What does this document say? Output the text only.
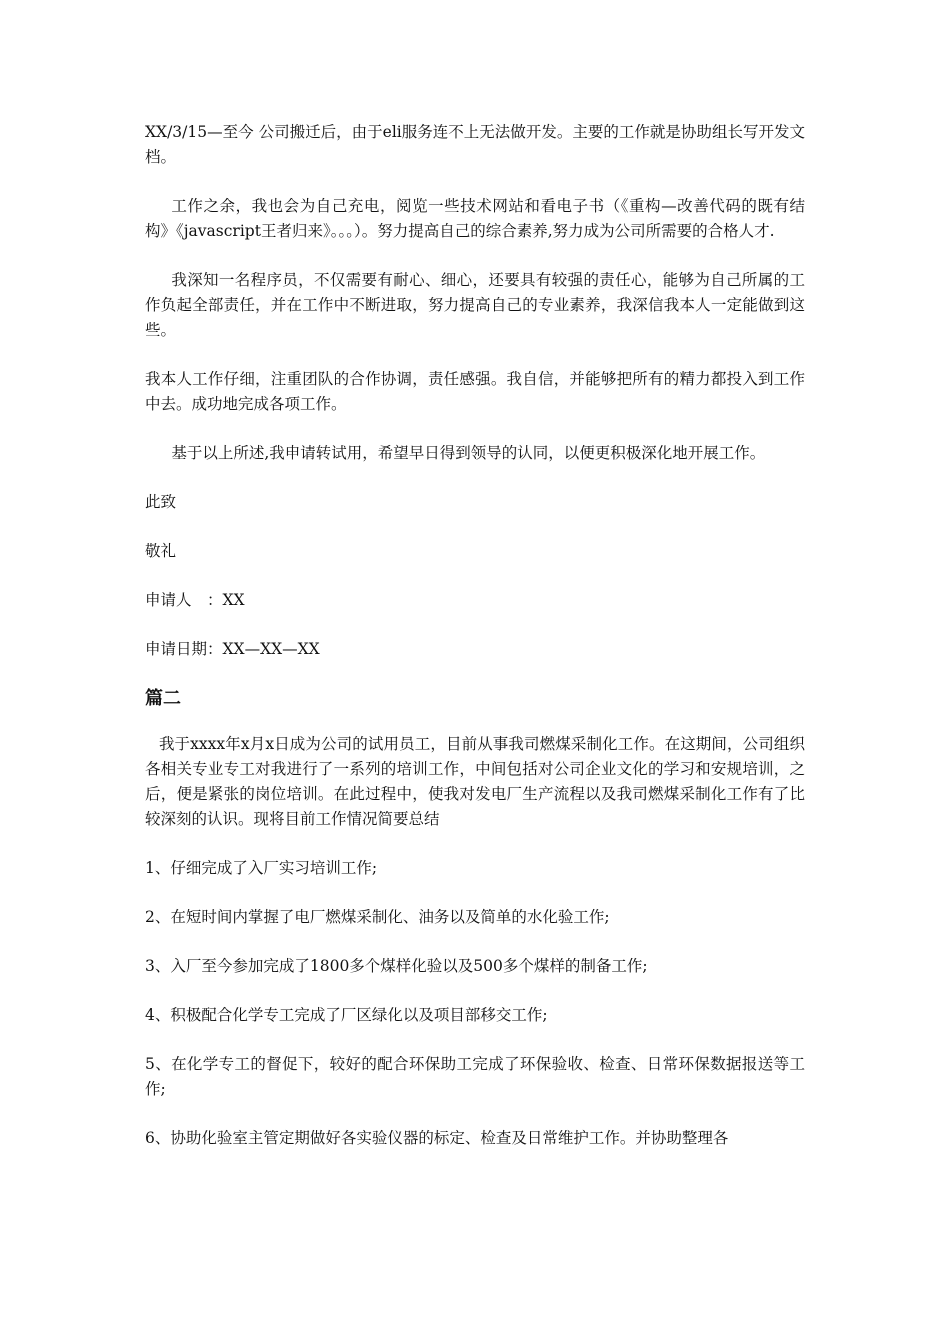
XX/3/15—至今 公司搬迁后，由于eli服务连不上无法做开发。主要的工作就是协助组长写开发文档。

工作之余，我也会为自己充电，阅览一些技术网站和看电子书（《重构—改善代码的既有结构》《javascript王者归来》。。。）。努力提高自己的综合素养,努力成为公司所需要的合格人才.

我深知一名程序员，不仅需要有耐心、细心，还要具有较强的责任心，能够为自己所属的工作负起全部责任，并在工作中不断进取，努力提高自己的专业素养，我深信我本人一定能做到这些。

我本人工作仔细，注重团队的合作协调，责任感强。我自信，并能够把所有的精力都投入到工作中去。成功地完成各项工作。

基于以上所述,我申请转试用，希望早日得到领导的认同，以便更积极深化地开展工作。

此致

敬礼

申请人　：XX

申请日期：XX—XX—XX

篇二

我于xxxx年x月x日成为公司的试用员工，目前从事我司燃煤采制化工作。在这期间，公司组织各相关专业专工对我进行了一系列的培训工作，中间包括对公司企业文化的学习和安规培训，之后，便是紧张的岗位培训。在此过程中，使我对发电厂生产流程以及我司燃煤采制化工作有了比较深刻的认识。现将目前工作情况简要总结

1、仔细完成了入厂实习培训工作;

2、在短时间内掌握了电厂燃煤采制化、油务以及简单的水化验工作;

3、入厂至今参加完成了1800多个煤样化验以及500多个煤样的制备工作;

4、积极配合化学专工完成了厂区绿化以及项目部移交工作;

5、在化学专工的督促下，较好的配合环保助工完成了环保验收、检查、日常环保数据报送等工作;

6、协助化验室主管定期做好各实验仪器的标定、检查及日常维护工作。并协助整理各
